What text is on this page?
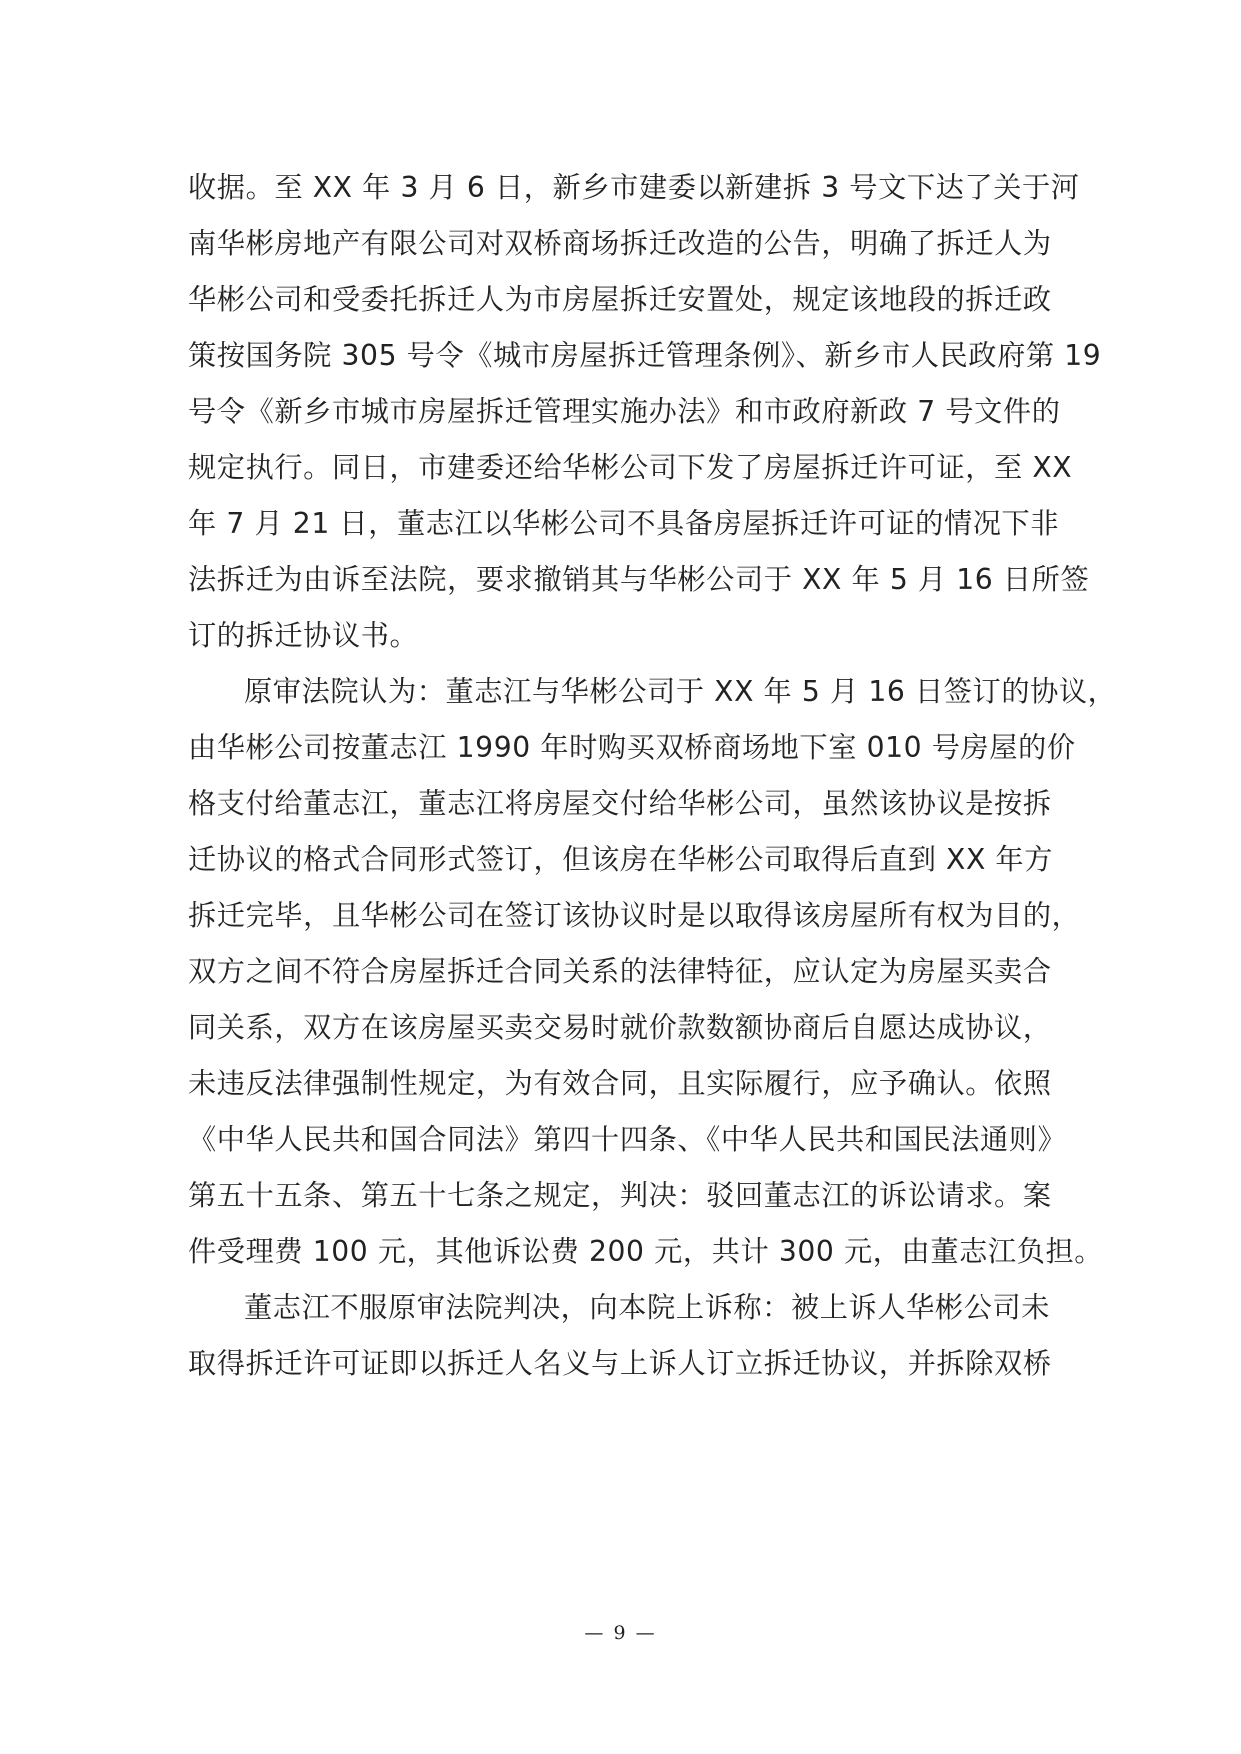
收据。至 XX 年 3 月 6 日，新乡市建委以新建拆 3 号文下达了关于河
南华彬房地产有限公司对双桥商场拆迁改造的公告，明确了拆迁人为
华彬公司和受委托拆迁人为市房屋拆迁安置处，规定该地段的拆迁政
策按国务院 305 号令《城市房屋拆迁管理条例》、新乡市人民政府第 19
号令《新乡市城市房屋拆迁管理实施办法》和市政府新政 7 号文件的
规定执行。同日，市建委还给华彬公司下发了房屋拆迁许可证，至 XX
年 7 月 21 日，董志江以华彬公司不具备房屋拆迁许可证的情况下非
法拆迁为由诉至法院，要求撤销其与华彬公司于 XX 年 5 月 16 日所签
订的拆迁协议书。
原审法院认为：董志江与华彬公司于 XX 年 5 月 16 日签订的协议，
由华彬公司按董志江 1990 年时购买双桥商场地下室 010 号房屋的价
格支付给董志江，董志江将房屋交付给华彬公司，虽然该协议是按拆
迁协议的格式合同形式签订，但该房在华彬公司取得后直到 XX 年方
拆迁完毕，且华彬公司在签订该协议时是以取得该房屋所有权为目的，
双方之间不符合房屋拆迁合同关系的法律特征，应认定为房屋买卖合
同关系，双方在该房屋买卖交易时就价款数额协商后自愿达成协议，
未违反法律强制性规定，为有效合同，且实际履行，应予确认。依照
《中华人民共和国合同法》第四十四条、《中华人民共和国民法通则》
第五十五条、第五十七条之规定，判决：驳回董志江的诉讼请求。案
件受理费 100 元，其他诉讼费 200 元，共计 300 元，由董志江负担。
董志江不服原审法院判决，向本院上诉称：被上诉人华彬公司未
取得拆迁许可证即以拆迁人名义与上诉人订立拆迁协议，并拆除双桥
— 9 —
